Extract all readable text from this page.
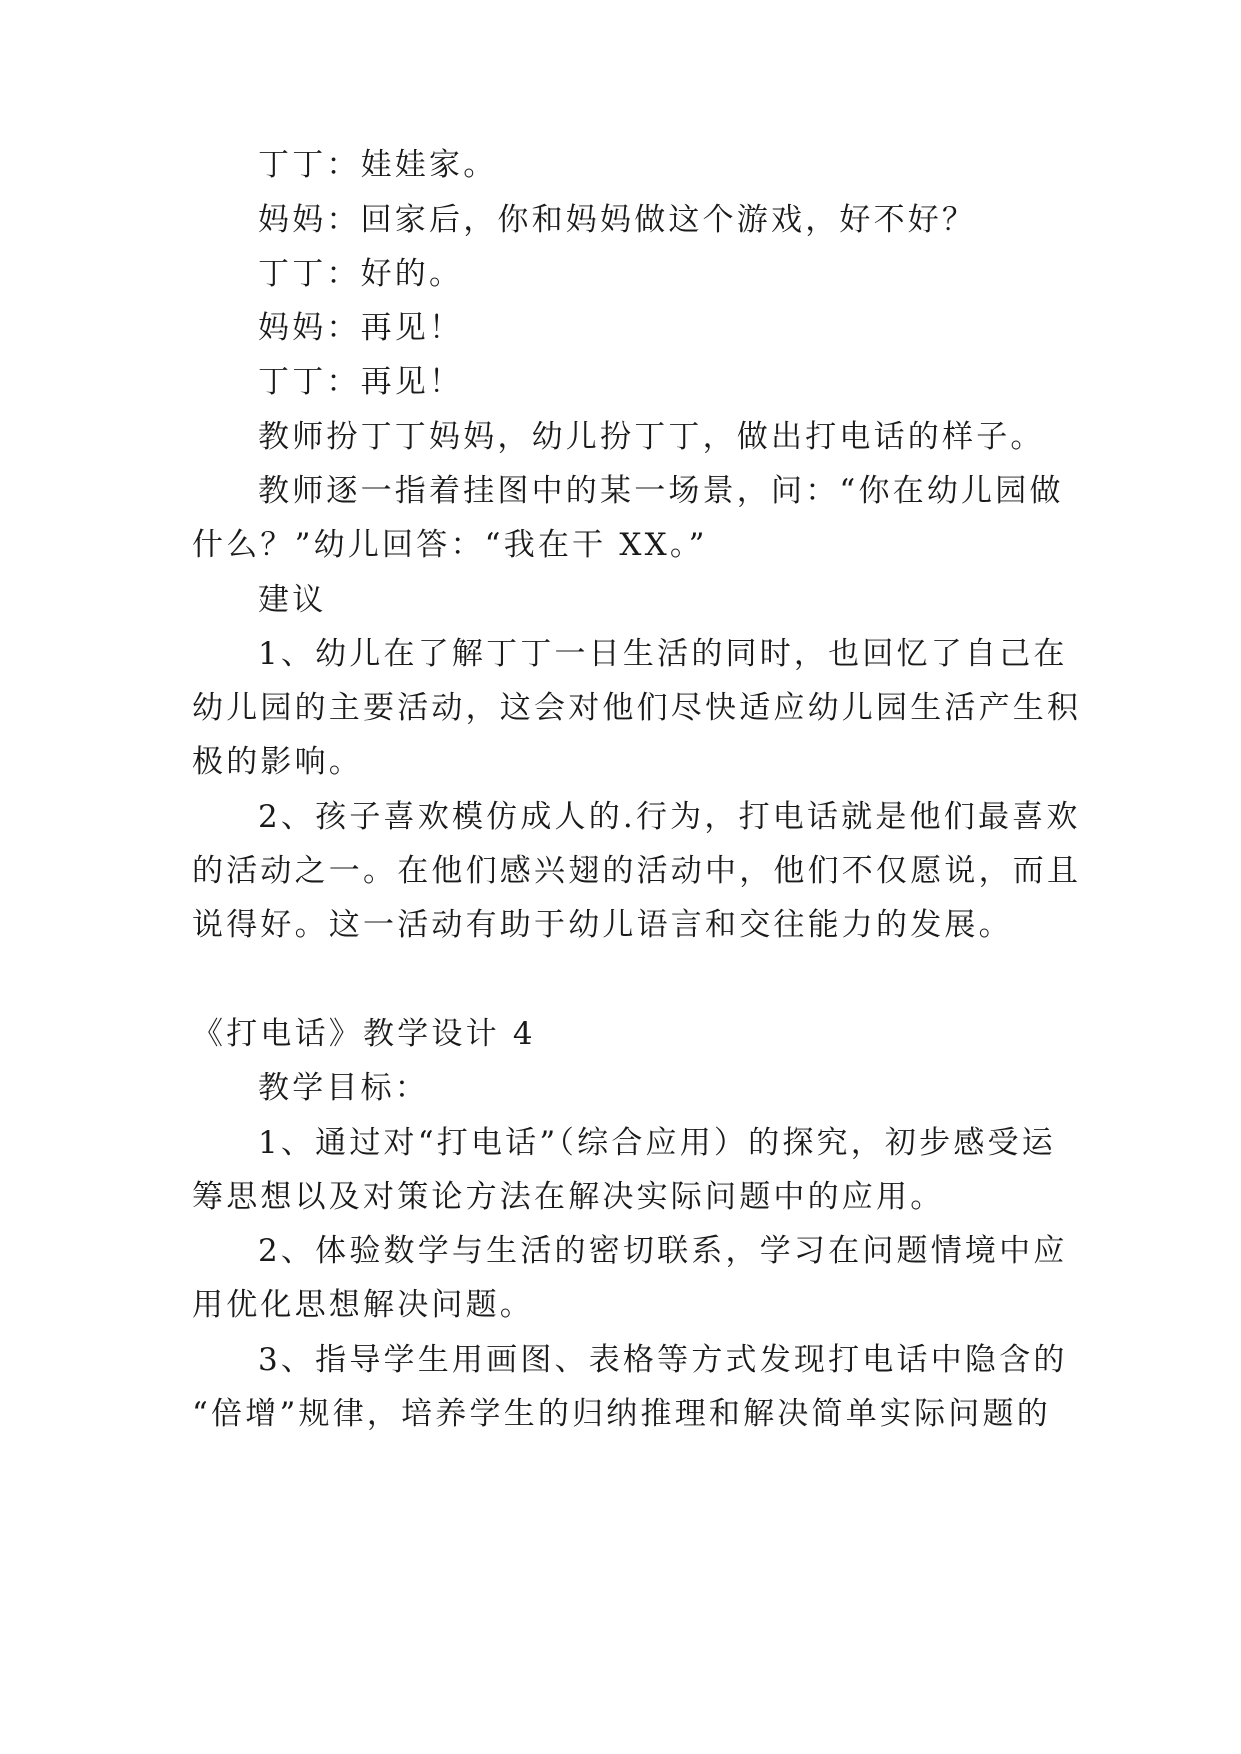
丁丁：娃娃家。
妈妈：回家后，你和妈妈做这个游戏，好不好？
丁丁：好的。
妈妈：再见！
丁丁：再见！
教师扮丁丁妈妈，幼儿扮丁丁，做出打电话的样子。
教师逐一指着挂图中的某一场景，问：“你在幼儿园做
什么？”幼儿回答：“我在干 XX。”
建议
1、幼儿在了解丁丁一日生活的同时，也回忆了自己在
幼儿园的主要活动，这会对他们尽快适应幼儿园生活产生积
极的影响。
2、孩子喜欢模仿成人的.行为，打电话就是他们最喜欢
的活动之一。在他们感兴翅的活动中，他们不仅愿说，而且
说得好。这一活动有助于幼儿语言和交往能力的发展。
《打电话》教学设计 4
教学目标：
1、通过对“打电话”（综合应用）的探究，初步感受运
筹思想以及对策论方法在解决实际问题中的应用。
2、体验数学与生活的密切联系，学习在问题情境中应
用优化思想解决问题。
3、指导学生用画图、表格等方式发现打电话中隐含的
“倍增”规律，培养学生的归纳推理和解决简单实际问题的
